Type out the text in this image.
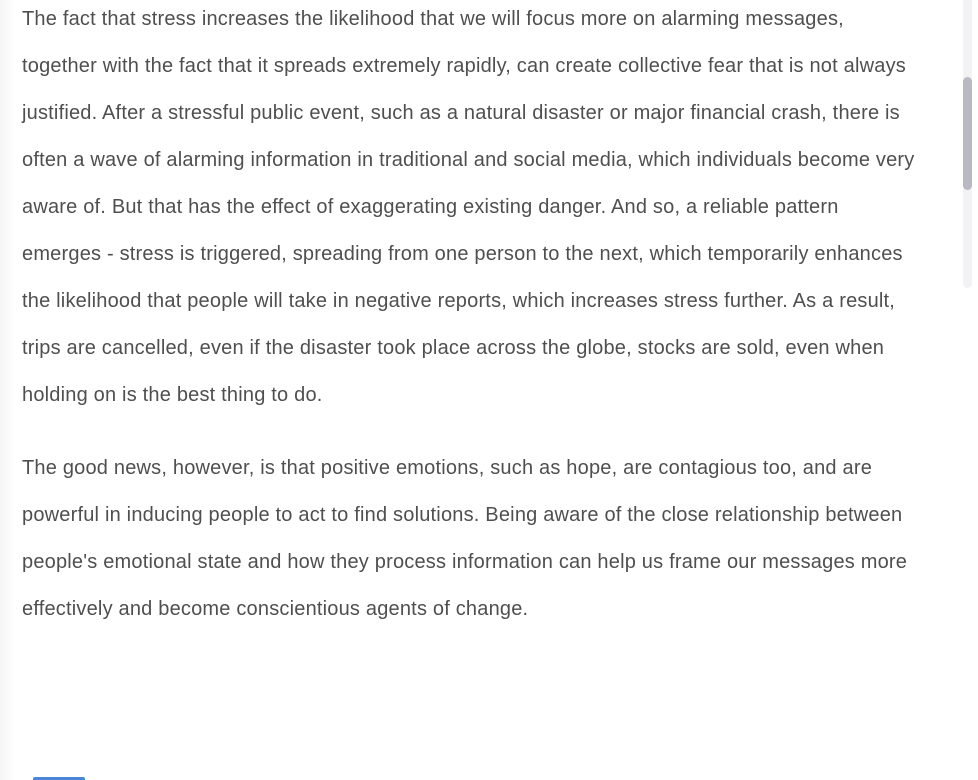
The fact that stress increases the likelihood that we will focus more on alarming messages, together with the fact that it spreads extremely rapidly, can create collective fear that is not always justified. After a stressful public event, such as a natural disaster or major financial crash, there is often a wave of alarming information in traditional and social media, which individuals become very aware of. But that has the effect of exaggerating existing danger. And so, a reliable pattern emerges - stress is triggered, spreading from one person to the next, which temporarily enhances the likelihood that people will take in negative reports, which increases stress further. As a result, trips are cancelled, even if the disaster took place across the globe, stocks are sold, even when holding on is the best thing to do.

The good news, however, is that positive emotions, such as hope, are contagious too, and are powerful in inducing people to act to find solutions. Being aware of the close relationship between people's emotional state and how they process information can help us frame our messages more effectively and become conscientious agents of change.
